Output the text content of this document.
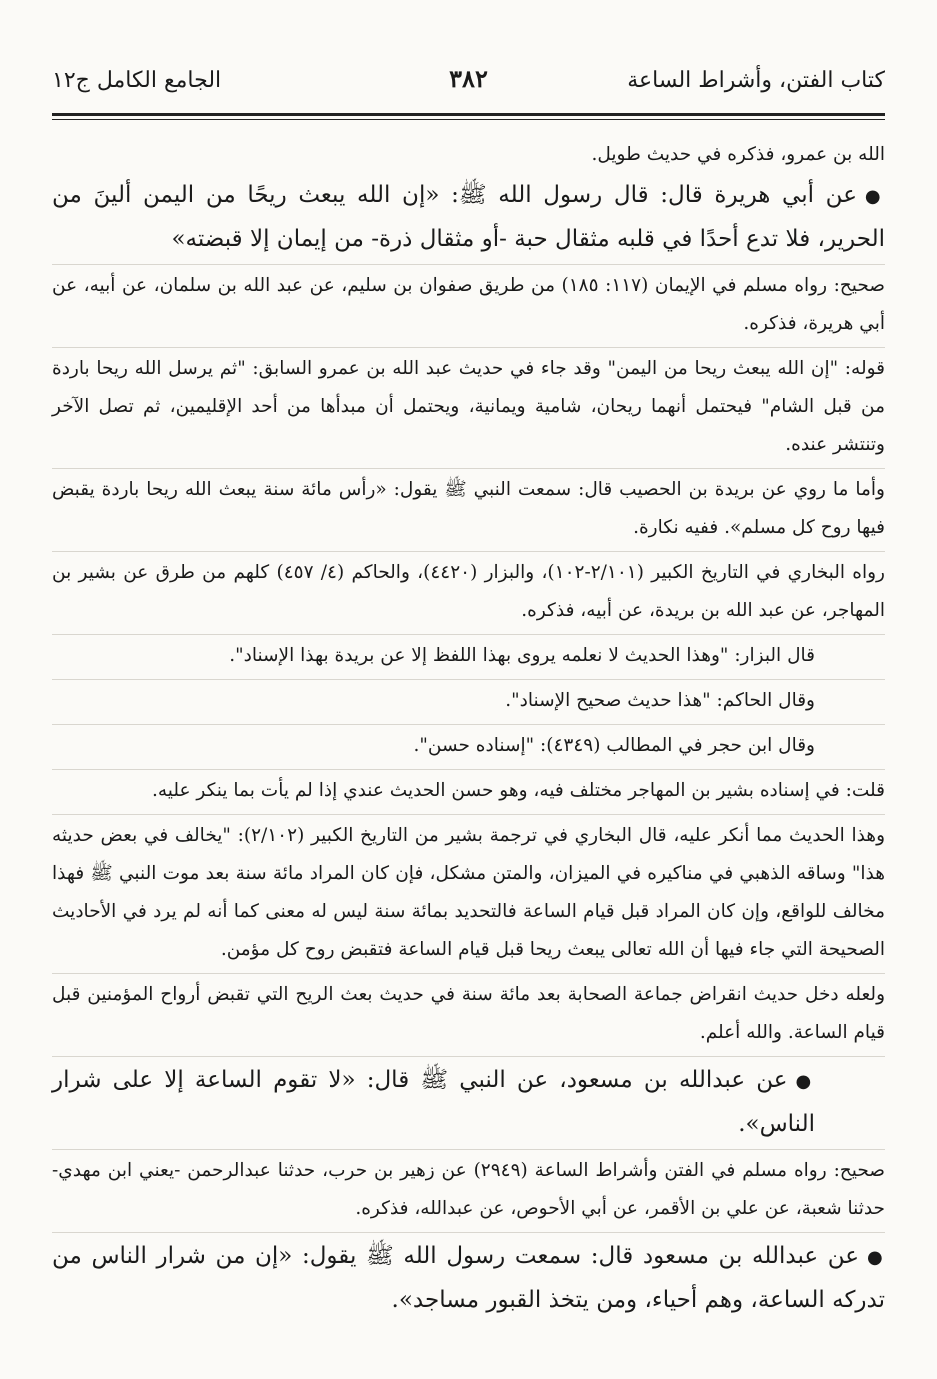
كتاب الفتن، وأشراط الساعة
٣٨٢
الجامع الكامل ج١٢

الله بن عمرو، فذكره في حديث طويل.

●عن أبي هريرة قال: قال رسول الله ﷺ: «إن الله يبعث ريحًا من اليمن ألينَ من الحرير، فلا تدع أحدًا في قلبه مثقال حبة -أو مثقال ذرة- من إيمان إلا قبضته»

صحيح: رواه مسلم في الإيمان (١١٧: ١٨٥) من طريق صفوان بن سليم، عن عبد الله بن سلمان، عن أبيه، عن أبي هريرة، فذكره.

قوله: "إن الله يبعث ريحا من اليمن" وقد جاء في حديث عبد الله بن عمرو السابق: "ثم يرسل الله ريحا باردة من قبل الشام" فيحتمل أنهما ريحان، شامية ويمانية، ويحتمل أن مبدأها من أحد الإقليمين، ثم تصل الآخر وتنتشر عنده.

وأما ما روي عن بريدة بن الحصيب قال: سمعت النبي ﷺ يقول: «رأس مائة سنة يبعث الله ريحا باردة يقبض فيها روح كل مسلم». ففيه نكارة.

رواه البخاري في التاريخ الكبير (٢/١٠١-١٠٢)، والبزار (٤٤٢٠)، والحاكم (٤/ ٤٥٧) كلهم من طرق عن بشير بن المهاجر، عن عبد الله بن بريدة، عن أبيه، فذكره.

قال البزار: "وهذا الحديث لا نعلمه يروى بهذا اللفظ إلا عن بريدة بهذا الإسناد".

وقال الحاكم: "هذا حديث صحيح الإسناد".

وقال ابن حجر في المطالب (٤٣٤٩): "إسناده حسن".

قلت: في إسناده بشير بن المهاجر مختلف فيه، وهو حسن الحديث عندي إذا لم يأت بما ينكر عليه.

وهذا الحديث مما أنكر عليه، قال البخاري في ترجمة بشير من التاريخ الكبير (٢/١٠٢): "يخالف في بعض حديثه هذا" وساقه الذهبي في مناكيره في الميزان، والمتن مشكل، فإن كان المراد مائة سنة بعد موت النبي ﷺ فهذا مخالف للواقع، وإن كان المراد قبل قيام الساعة فالتحديد بمائة سنة ليس له معنى كما أنه لم يرد في الأحاديث الصحيحة التي جاء فيها أن الله تعالى يبعث ريحا قبل قيام الساعة فتقبض روح كل مؤمن.

ولعله دخل حديث انقراض جماعة الصحابة بعد مائة سنة في حديث بعث الريح التي تقبض أرواح المؤمنين قبل قيام الساعة. والله أعلم.

●عن عبدالله بن مسعود، عن النبي ﷺ قال: «لا تقوم الساعة إلا على شرار الناس».

صحيح: رواه مسلم في الفتن وأشراط الساعة (٢٩٤٩) عن زهير بن حرب، حدثنا عبدالرحمن -يعني ابن مهدي- حدثنا شعبة، عن علي بن الأقمر، عن أبي الأحوص، عن عبدالله، فذكره.

●عن عبدالله بن مسعود قال: سمعت رسول الله ﷺ يقول: «إن من شرار الناس من تدركه الساعة، وهم أحياء، ومن يتخذ القبور مساجد».
